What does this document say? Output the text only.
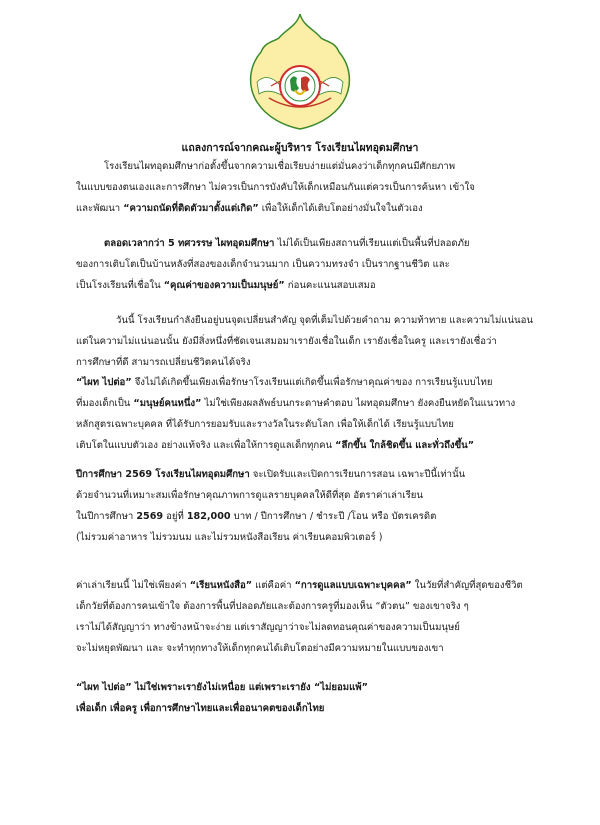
แถลงการณ์จากคณะผู้บริหาร โรงเรียนไผทอุดมศึกษา
โรงเรียนไผทอุดมศึกษาก่อตั้งขึ้นจากความเชื่อเรียบง่ายแต่มั่นคงว่าเด็กทุกคนมีศักยภาพ
ในแบบของตนเองและการศึกษา ไม่ควรเป็นการบังคับให้เด็กเหมือนกันแต่ควรเป็นการค้นหา เข้าใจ
และพัฒนา “ความถนัดที่ติดตัวมาตั้งแต่เกิด” เพื่อให้เด็กได้เติบโตอย่างมั่นใจในตัวเอง
ตลอดเวลากว่า 5 ทศวรรษ ไผทอุดมศึกษา ไม่ได้เป็นเพียงสถานที่เรียนแต่เป็นพื้นที่ปลอดภัย
ของการเติบโตเป็นบ้านหลังที่สองของเด็กจำนวนมาก เป็นความทรงจำ เป็นรากฐานชีวิต และ
เป็นโรงเรียนที่เชื่อใน “คุณค่าของความเป็นมนุษย์” ก่อนคะแนนสอบเสมอ
วันนี้ โรงเรียนกำลังยืนอยู่บนจุดเปลี่ยนสำคัญ จุดที่เต็มไปด้วยคำถาม ความท้าทาย และความไม่แน่นอน
แต่ในความไม่แน่นอนนั้น ยังมีสิ่งหนึ่งที่ชัดเจนเสมอมาเรายังเชื่อในเด็ก เรายังเชื่อในครู และเรายังเชื่อว่า
การศึกษาที่ดี สามารถเปลี่ยนชีวิตคนได้จริง
“ไผท ไปต่อ” จึงไม่ได้เกิดขึ้นเพียงเพื่อรักษาโรงเรียนแต่เกิดขึ้นเพื่อรักษาคุณค่าของ การเรียนรู้แบบไทย
ที่มองเด็กเป็น “มนุษย์คนหนึ่ง” ไม่ใช่เพียงผลลัพธ์บนกระดาษคำตอบ ไผทอุดมศึกษา ยังคงยืนหยัดในแนวทาง
หลักสูตรเฉพาะบุคคล ที่ได้รับการยอมรับและรางวัลในระดับโลก เพื่อให้เด็กได้ เรียนรู้แบบไทย
เติบโตในแบบตัวเอง อย่างแท้จริง และเพื่อให้การดูแลเด็กทุกคน “ลึกขึ้น ใกล้ชิดขึ้น และทั่วถึงขึ้น”
ปีการศึกษา 2569 โรงเรียนไผทอุดมศึกษา จะเปิดรับและเปิดการเรียนการสอน เฉพาะปีนี้เท่านั้น
ด้วยจำนวนที่เหมาะสมเพื่อรักษาคุณภาพการดูแลรายบุคคลให้ดีที่สุด อัตราค่าเล่าเรียน
ในปีการศึกษา 2569 อยู่ที่ 182,000 บาท / ปีการศึกษา / ชำระปี /โอน หรือ บัตรเครดิต
(ไม่รวมค่าอาหาร ไม่รวมนม และไม่รวมหนังสือเรียน ค่าเรียนคอมพิวเตอร์ )
ค่าเล่าเรียนนี้ ไม่ใช่เพียงค่า “เรียนหนังสือ” แต่คือค่า “การดูแลแบบเฉพาะบุคคล” ในวัยที่สำคัญที่สุดของชีวิต
เด็กวัยที่ต้องการคนเข้าใจ ต้องการพื้นที่ปลอดภัยและต้องการครูที่มองเห็น “ตัวตน” ของเขาจริง ๆ
เราไม่ได้สัญญาว่า ทางข้างหน้าจะง่าย แต่เราสัญญาว่าจะไม่ลดทอนคุณค่าของความเป็นมนุษย์
จะไม่หยุดพัฒนา และ จะทำทุกทางให้เด็กทุกคนได้เติบโตอย่างมีความหมายในแบบของเขา
“ไผท ไปต่อ” ไม่ใช่เพราะเรายังไม่เหนื่อย แต่เพราะเรายัง “ไม่ยอมแพ้”
เพื่อเด็ก เพื่อครู เพื่อการศึกษาไทยและเพื่ออนาคตของเด็กไทย
